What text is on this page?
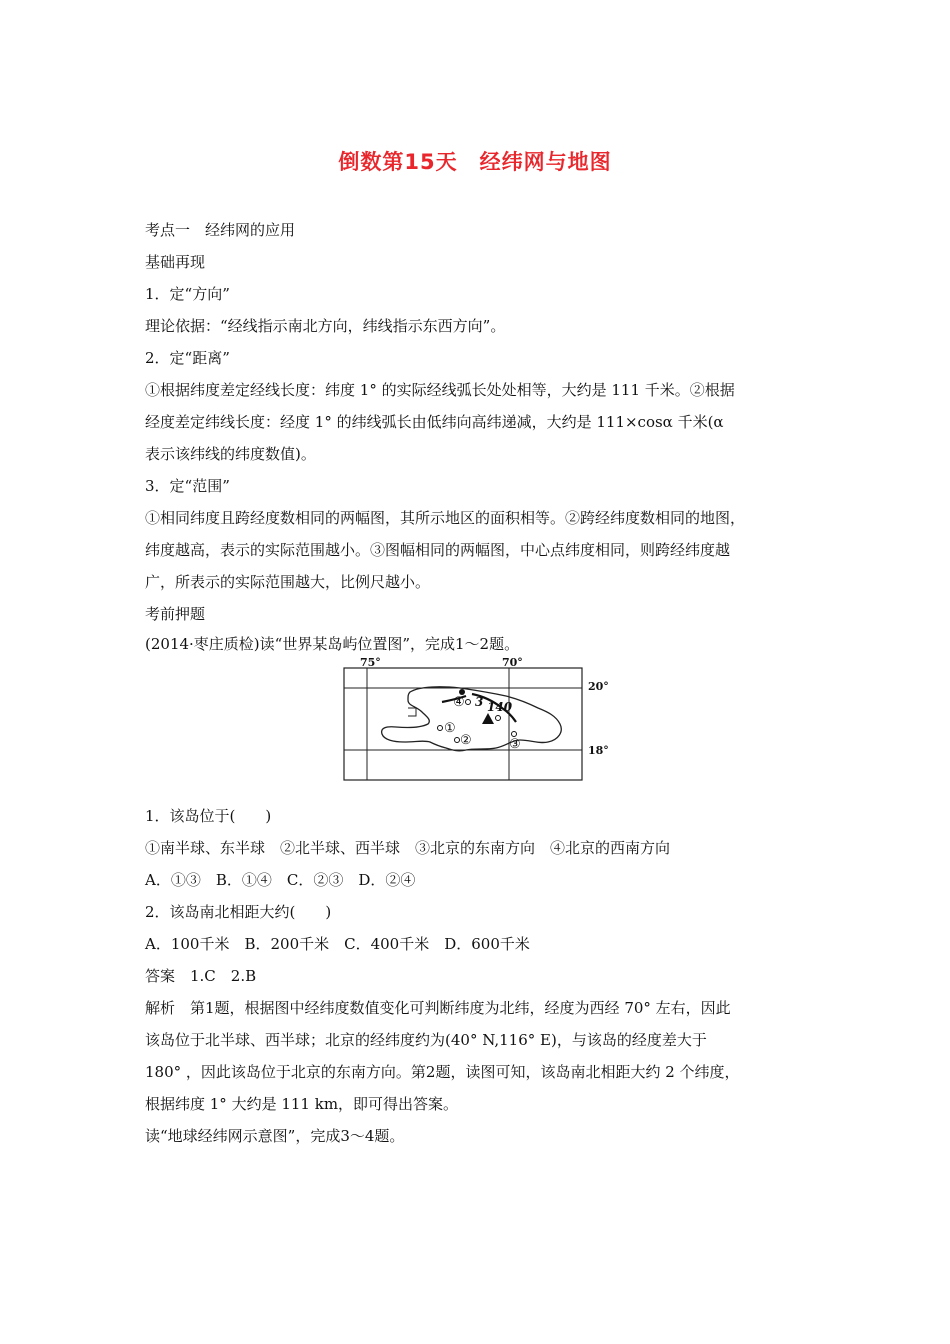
倒数第15天　经纬网与地图
考点一　经纬网的应用
基础再现
1．定“方向”
理论依据：“经线指示南北方向，纬线指示东西方向”。
2．定“距离”
①根据纬度差定经线长度：纬度 1° 的实际经线弧长处处相等，大约是 111 千米。②根据
经度差定纬线长度：经度 1° 的纬线弧长由低纬向高纬递减，大约是 111×cosα 千米(α
表示该纬线的纬度数值)。
3．定“范围”
①相同纬度且跨经度数相同的两幅图，其所示地区的面积相等。②跨经纬度数相同的地图，
纬度越高，表示的实际范围越小。③图幅相同的两幅图，中心点纬度相同，则跨经纬度越
广，所表示的实际范围越大，比例尺越小。
考前押题
(2014·枣庄质检)读“世界某岛屿位置图”，完成1～2题。
75°	70°
20°
18°
①
②	③
④ 3 140
1．该岛位于(　　)
①南半球、东半球　②北半球、西半球　③北京的东南方向　④北京的西南方向
A．①③　B．①④　C．②③　D．②④
2．该岛南北相距大约(　　)
A．100千米　B．200千米　C．400千米　D．600千米
答案　1.C　2.B
解析　第1题，根据图中经纬度数值变化可判断纬度为北纬，经度为西经 70° 左右，因此
该岛位于北半球、西半球；北京的经纬度约为(40° N,116° E)，与该岛的经度差大于
180° ，因此该岛位于北京的东南方向。第2题，读图可知，该岛南北相距大约 2 个纬度，
根据纬度 1° 大约是 111 km，即可得出答案。
读“地球经纬网示意图”，完成3～4题。
